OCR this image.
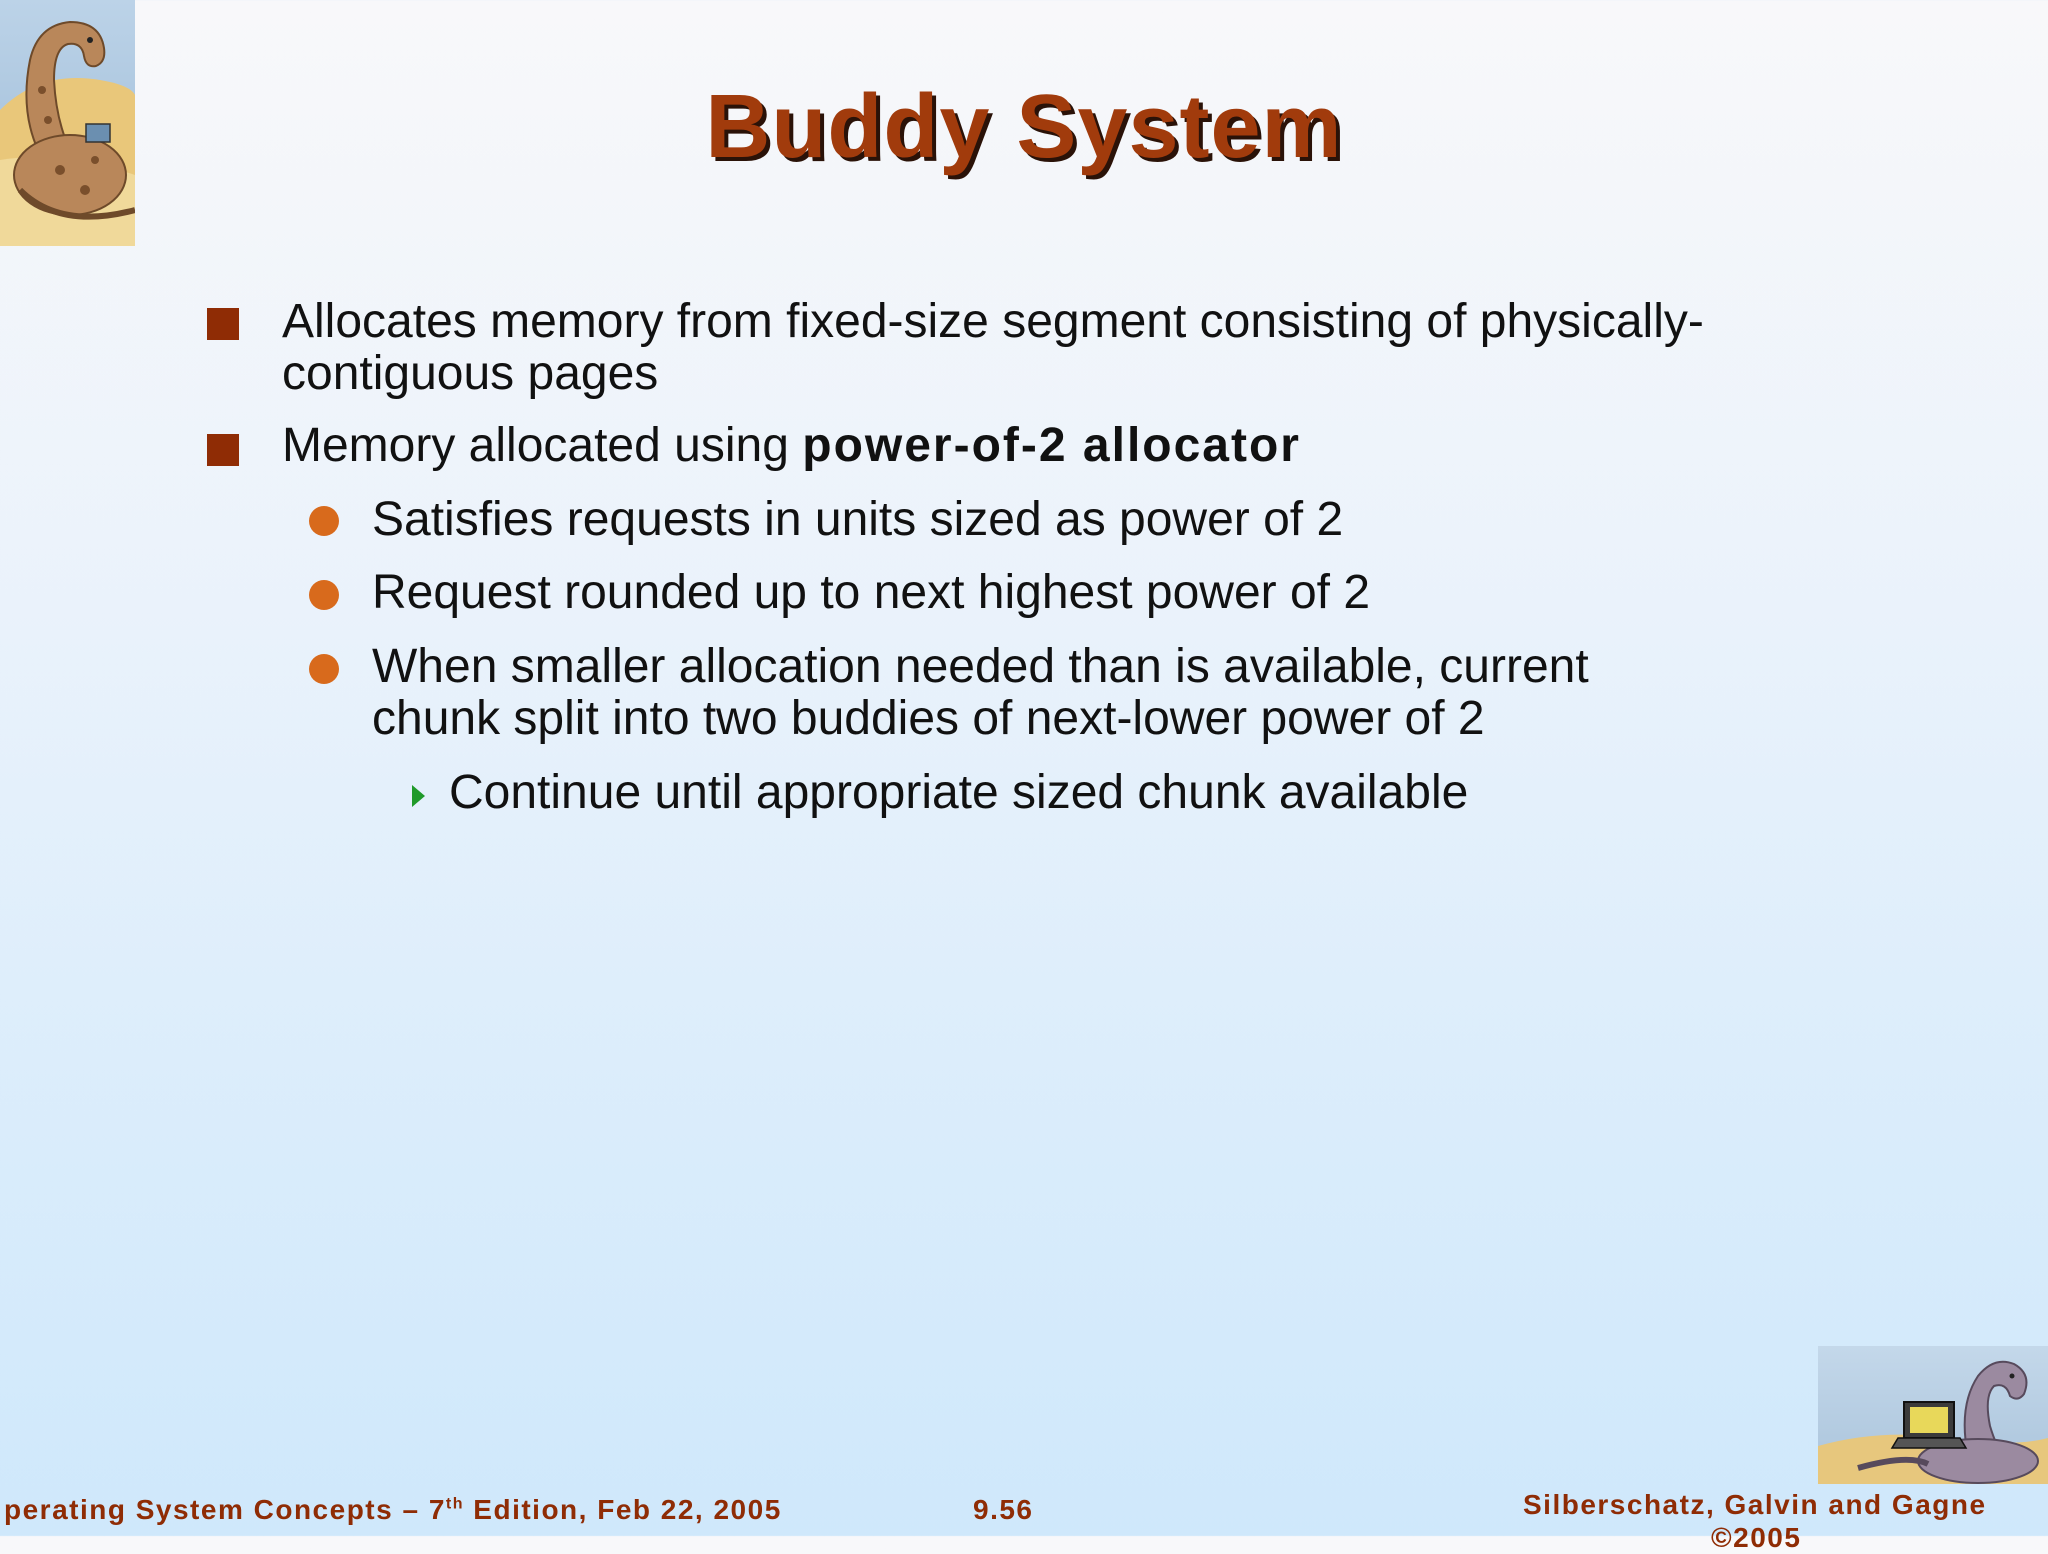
Buddy System
Allocates memory from fixed-size segment consisting of physically-
contiguous pages
Memory allocated using power-of-2 allocator
Satisfies requests in units sized as power of 2
Request rounded up to next highest power of 2
When smaller allocation needed than is available, current
chunk split into two buddies of next-lower power of 2
Continue until appropriate sized chunk available
perating System Concepts – 7th Edition, Feb 22, 2005	9.56	Silberschatz, Galvin and Gagne
©2005
